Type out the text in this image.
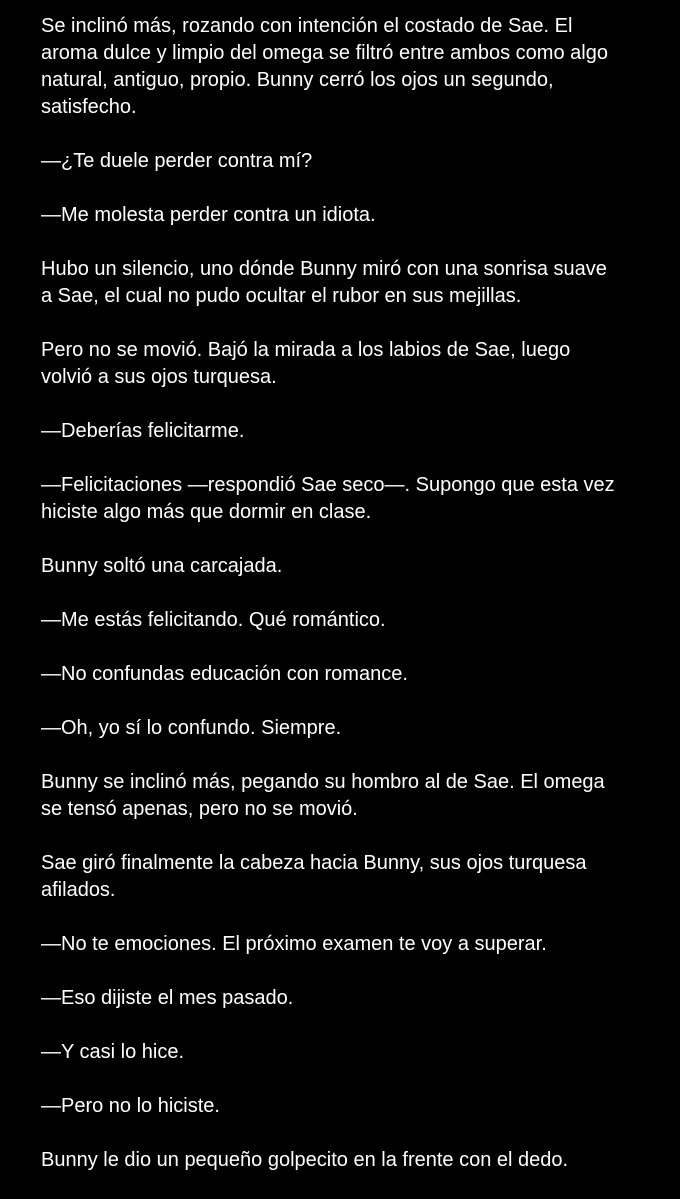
Se inclinó más, rozando con intención el costado de Sae. El
aroma dulce y limpio del omega se filtró entre ambos como algo
natural, antiguo, propio. Bunny cerró los ojos un segundo,
satisfecho.

—¿Te duele perder contra mí?

—Me molesta perder contra un idiota.

Hubo un silencio, uno dónde Bunny miró con una sonrisa suave
a Sae, el cual no pudo ocultar el rubor en sus mejillas.

Pero no se movió. Bajó la mirada a los labios de Sae, luego
volvió a sus ojos turquesa.

—Deberías felicitarme.

—Felicitaciones —respondió Sae seco—. Supongo que esta vez
hiciste algo más que dormir en clase.

Bunny soltó una carcajada.

—Me estás felicitando. Qué romántico.

—No confundas educación con romance.

—Oh, yo sí lo confundo. Siempre.

Bunny se inclinó más, pegando su hombro al de Sae. El omega
se tensó apenas, pero no se movió.

Sae giró finalmente la cabeza hacia Bunny, sus ojos turquesa
afilados.

—No te emociones. El próximo examen te voy a superar.

—Eso dijiste el mes pasado.

—Y casi lo hice.

—Pero no lo hiciste.

Bunny le dio un pequeño golpecito en la frente con el dedo.
